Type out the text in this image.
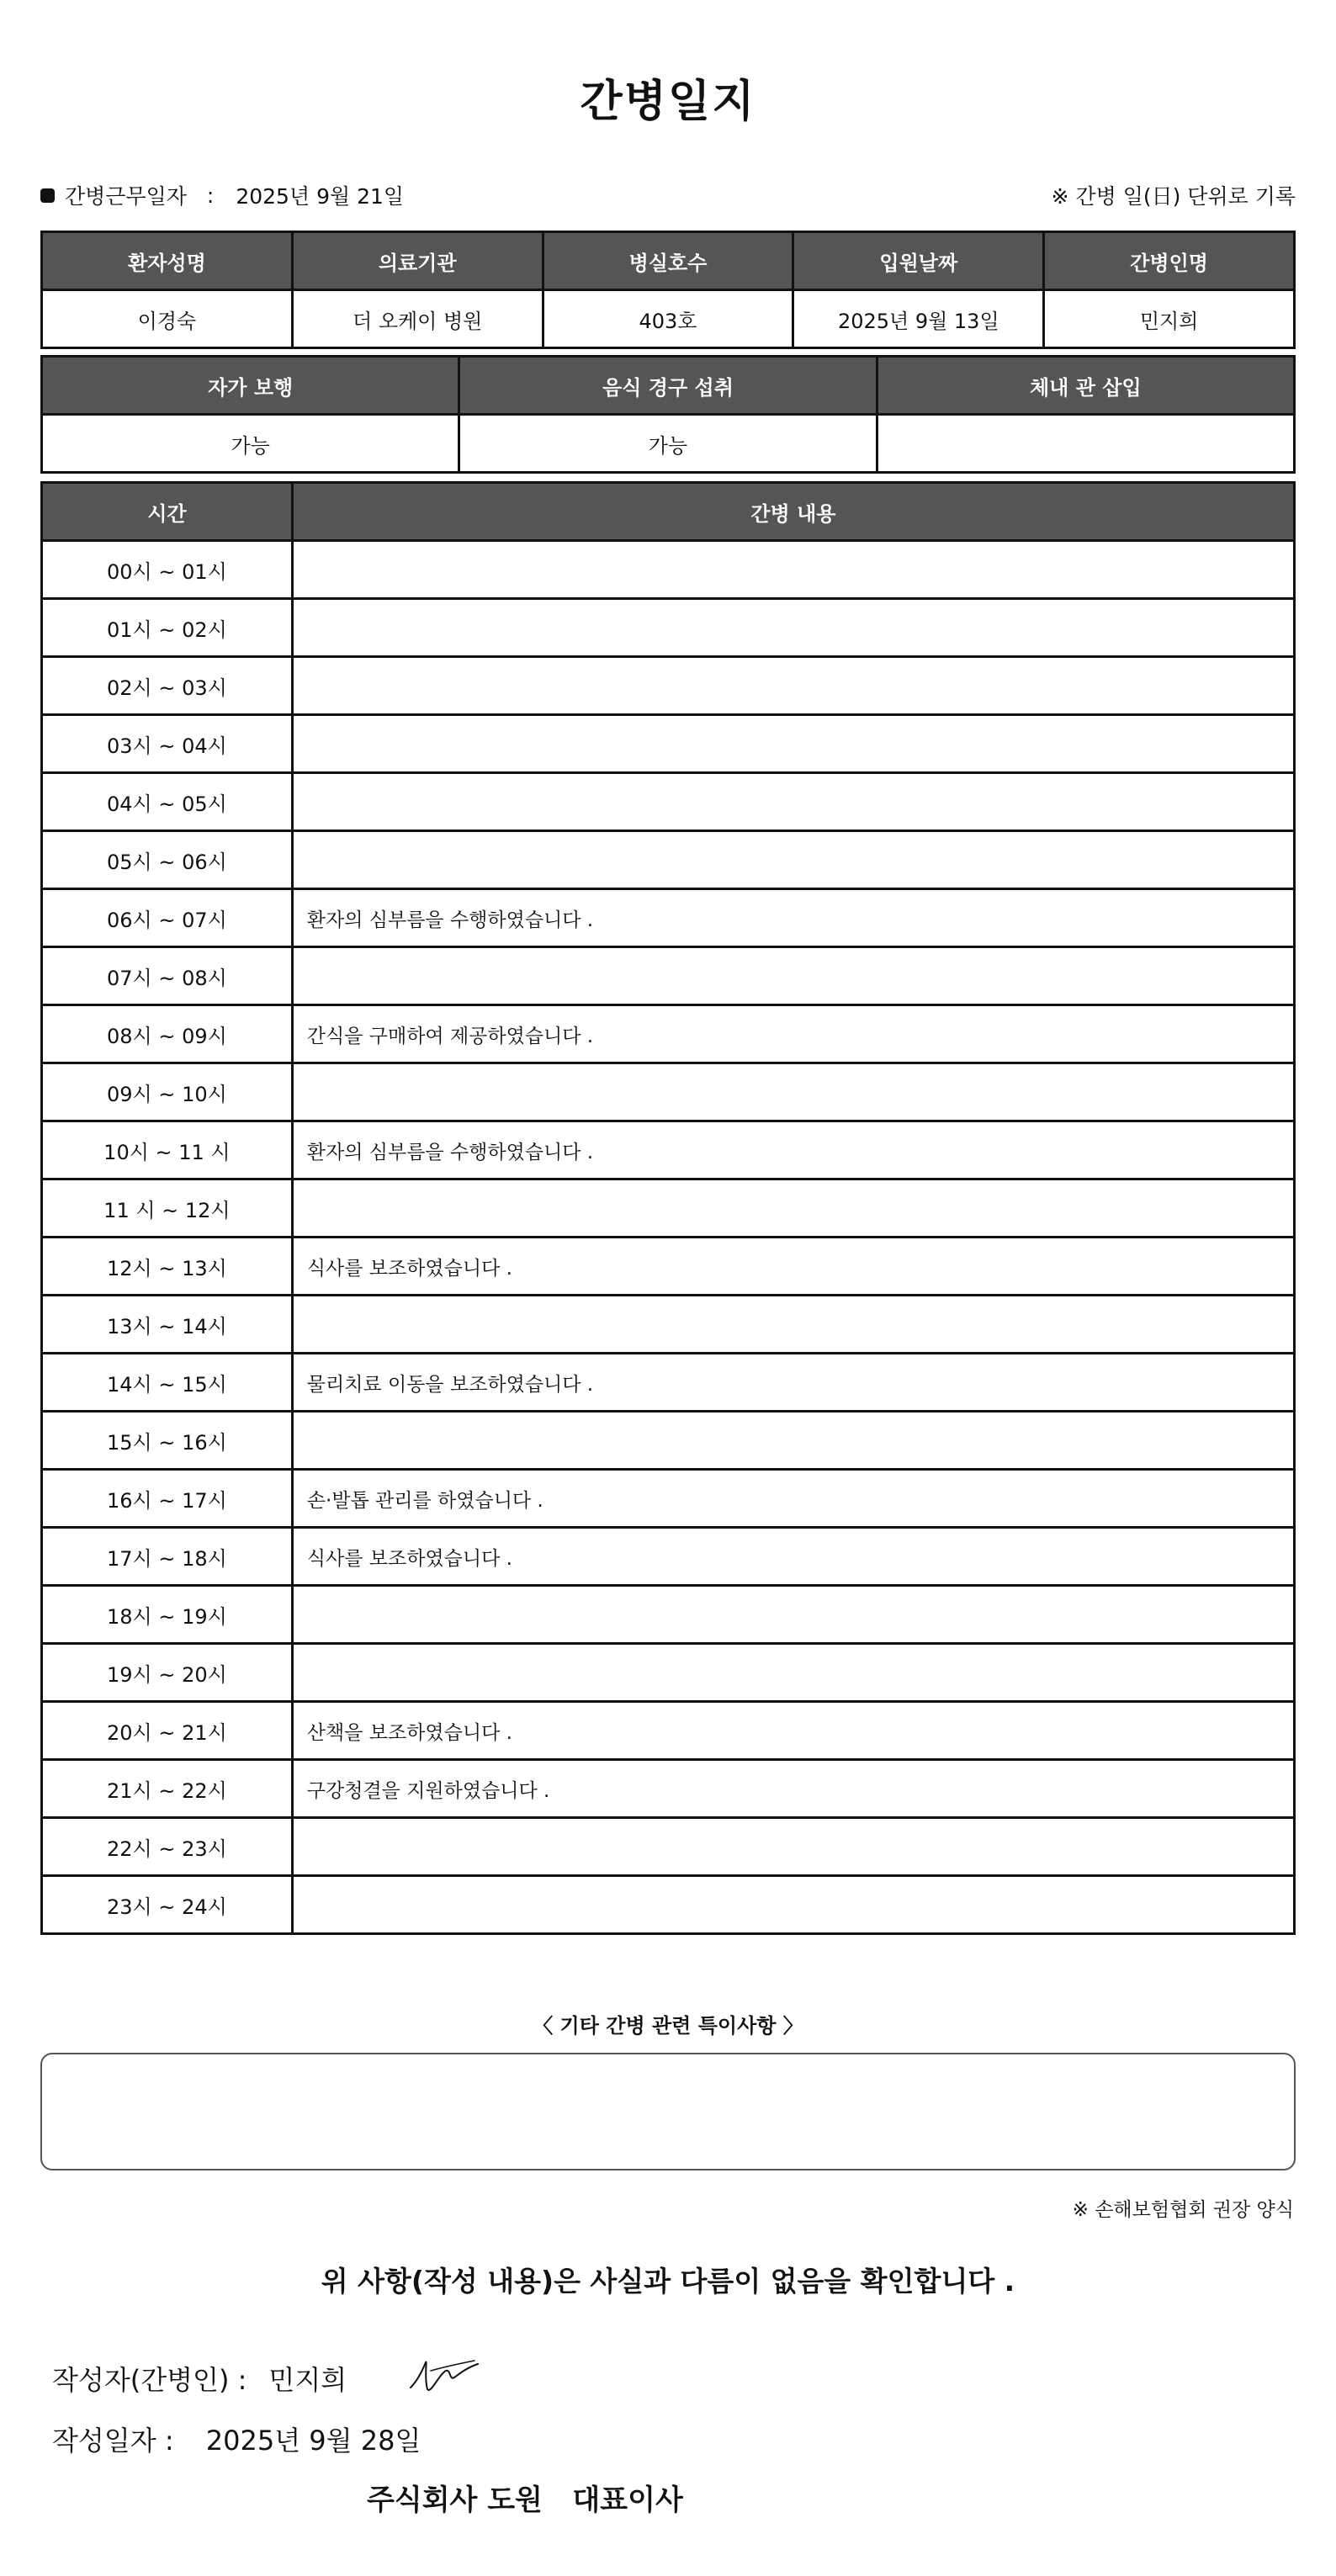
간병일지
간병근무일자 : 2025년 9월 21일	※ 간병 일(日) 단위로 기록
환자성명	의료기관	병실호수	입원날짜	간병인명
이경숙	더 오케이 병원	403호	2025년 9월 13일	민지희
자가 보행	음식 경구 섭취	체내 관 삽입
가능	가능	
시간	간병 내용
00시 ~ 01시	
01시 ~ 02시	
02시 ~ 03시	
03시 ~ 04시	
04시 ~ 05시	
05시 ~ 06시	
06시 ~ 07시	환자의 심부름을 수행하였습니다 .
07시 ~ 08시	
08시 ~ 09시	간식을 구매하여 제공하였습니다 .
09시 ~ 10시	
10시 ~ 11 시	환자의 심부름을 수행하였습니다 .
11 시 ~ 12시	
12시 ~ 13시	식사를 보조하였습니다 .
13시 ~ 14시	
14시 ~ 15시	물리치료 이동을 보조하였습니다 .
15시 ~ 16시	
16시 ~ 17시	손·발톱 관리를 하였습니다 .
17시 ~ 18시	식사를 보조하였습니다 .
18시 ~ 19시	
19시 ~ 20시	
20시 ~ 21시	산책을 보조하였습니다 .
21시 ~ 22시	구강청결을 지원하였습니다 .
22시 ~ 23시	
23시 ~ 24시	
〈 기타 간병 관련 특이사항 〉
※ 손해보험협회 권장 양식
위 사항(작성 내용)은 사실과 다름이 없음을 확인합니다 .
작성자(간병인) : 민지희
작성일자 : 2025년 9월 28일
주식회사 도원   대표이사
